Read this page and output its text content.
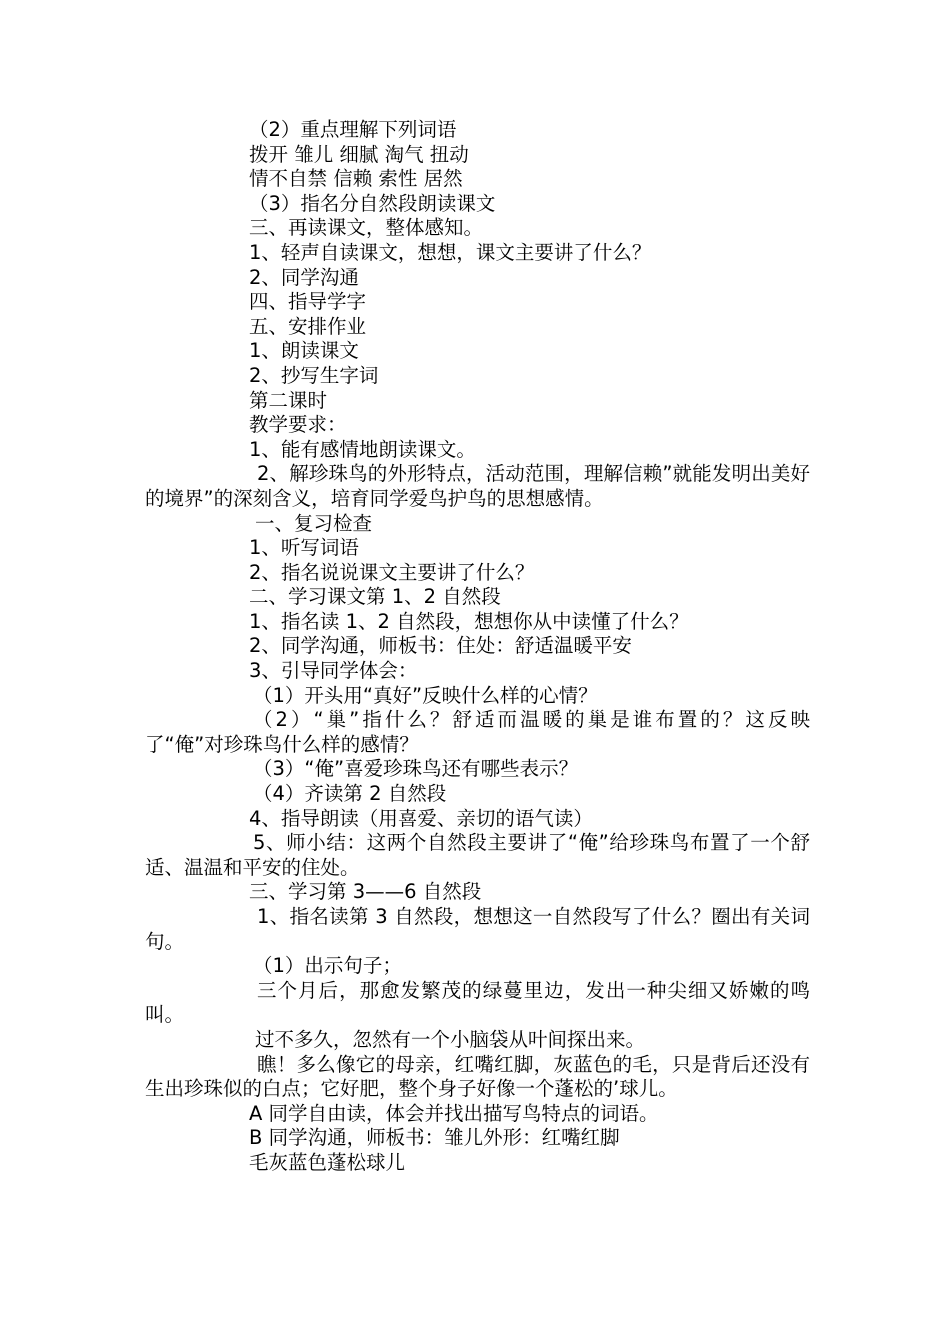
（2）重点理解下列词语
拨开 雏儿 细腻 淘气 扭动
情不自禁 信赖 索性 居然
（3）指名分自然段朗读课文
三、再读课文，整体感知。
1、轻声自读课文，想想，课文主要讲了什么？
2、同学沟通
四、指导学字
五、安排作业
1、朗读课文
2、抄写生字词
第二课时
教学要求：
1、能有感情地朗读课文。
2、解珍珠鸟的外形特点，活动范围，理解信赖”就能发明出美好的境界”的深刻含义，培育同学爱鸟护鸟的思想感情。
一、复习检查
1、听写词语
2、指名说说课文主要讲了什么？
二、学习课文第 1、2 自然段
1、指名读 1、2 自然段，想想你从中读懂了什么？
2、同学沟通，师板书：住处：舒适温暖平安
3、引导同学体会：
（1）开头用“真好”反映什么样的心情？
（2）“巢”指什么？舒适而温暖的巢是谁布置的？这反映了“俺”对珍珠鸟什么样的感情？
（3）“俺”喜爱珍珠鸟还有哪些表示？
（4）齐读第 2 自然段
4、指导朗读（用喜爱、亲切的语气读）
5、师小结：这两个自然段主要讲了“俺”给珍珠鸟布置了一个舒适、温温和平安的住处。
三、学习第 3——6 自然段
1、指名读第 3 自然段，想想这一自然段写了什么？圈出有关词句。
（1）出示句子；
三个月后，那愈发繁茂的绿蔓里边，发出一种尖细又娇嫩的鸣叫。
过不多久，忽然有一个小脑袋从叶间探出来。
瞧！多么像它的母亲，红嘴红脚，灰蓝色的毛，只是背后还没有生出珍珠似的白点；它好肥，整个身子好像一个蓬松的’球儿。
A 同学自由读，体会并找出描写鸟特点的词语。
B 同学沟通，师板书：雏儿外形：红嘴红脚
毛灰蓝色蓬松球儿
